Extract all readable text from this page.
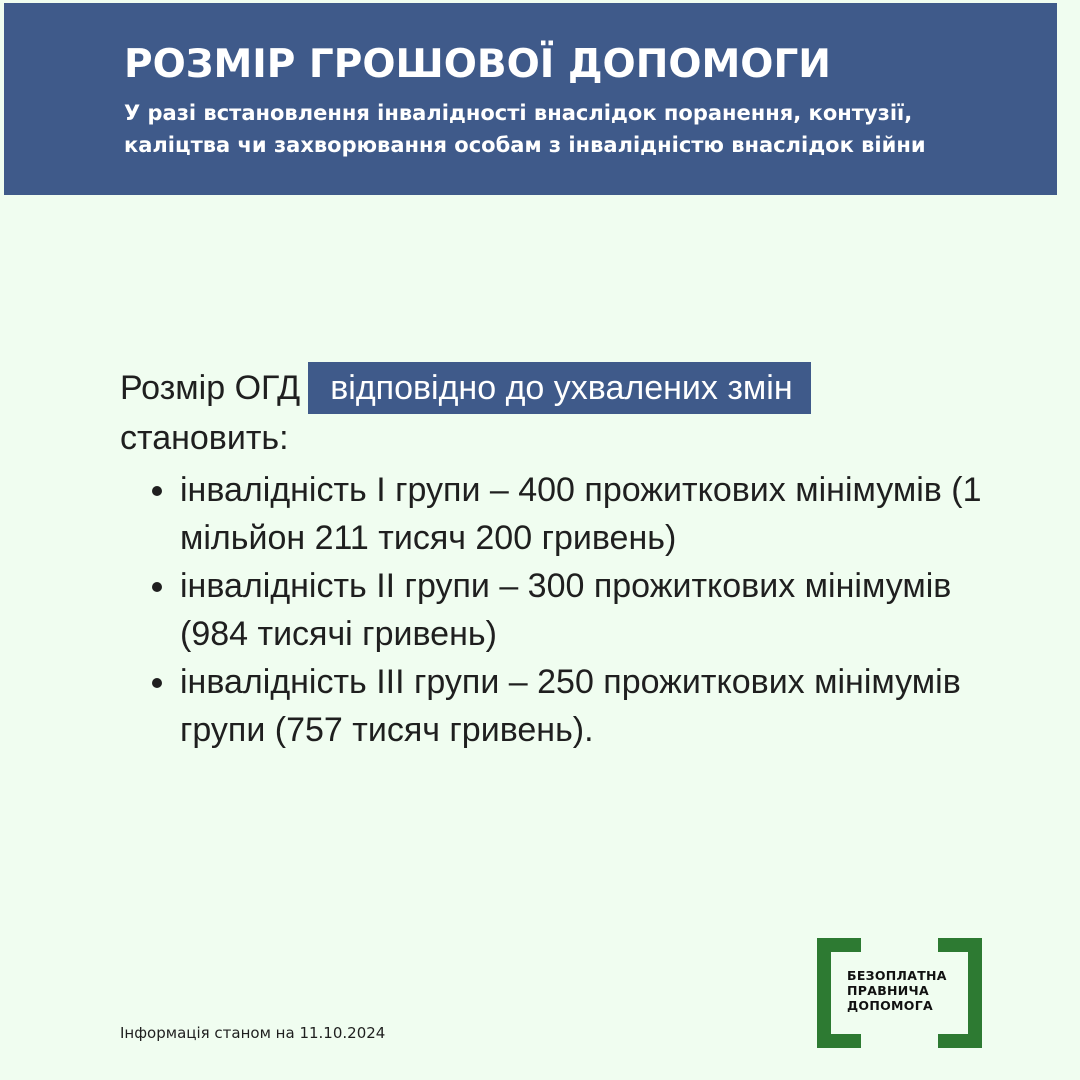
РОЗМІР ГРОШОВОЇ ДОПОМОГИ

У разі встановлення інвалідності внаслідок поранення, контузії, каліцтва чи захворювання особам з інвалідністю внаслідок війни

Розмір ОГД відповідно до ухвалених змін
становить:
інвалідність І групи – 400 прожиткових мінімумів (1 мільйон 211 тисяч 200 гривень)
інвалідність ІІ групи – 300 прожиткових мінімумів (984 тисячі гривень)
інвалідність ІІІ групи – 250 прожиткових мінімумів групи (757 тисяч гривень).
Інформація станом на 11.10.2024
БЕЗОПЛАТНА
ПРАВНИЧА
ДОПОМОГА
